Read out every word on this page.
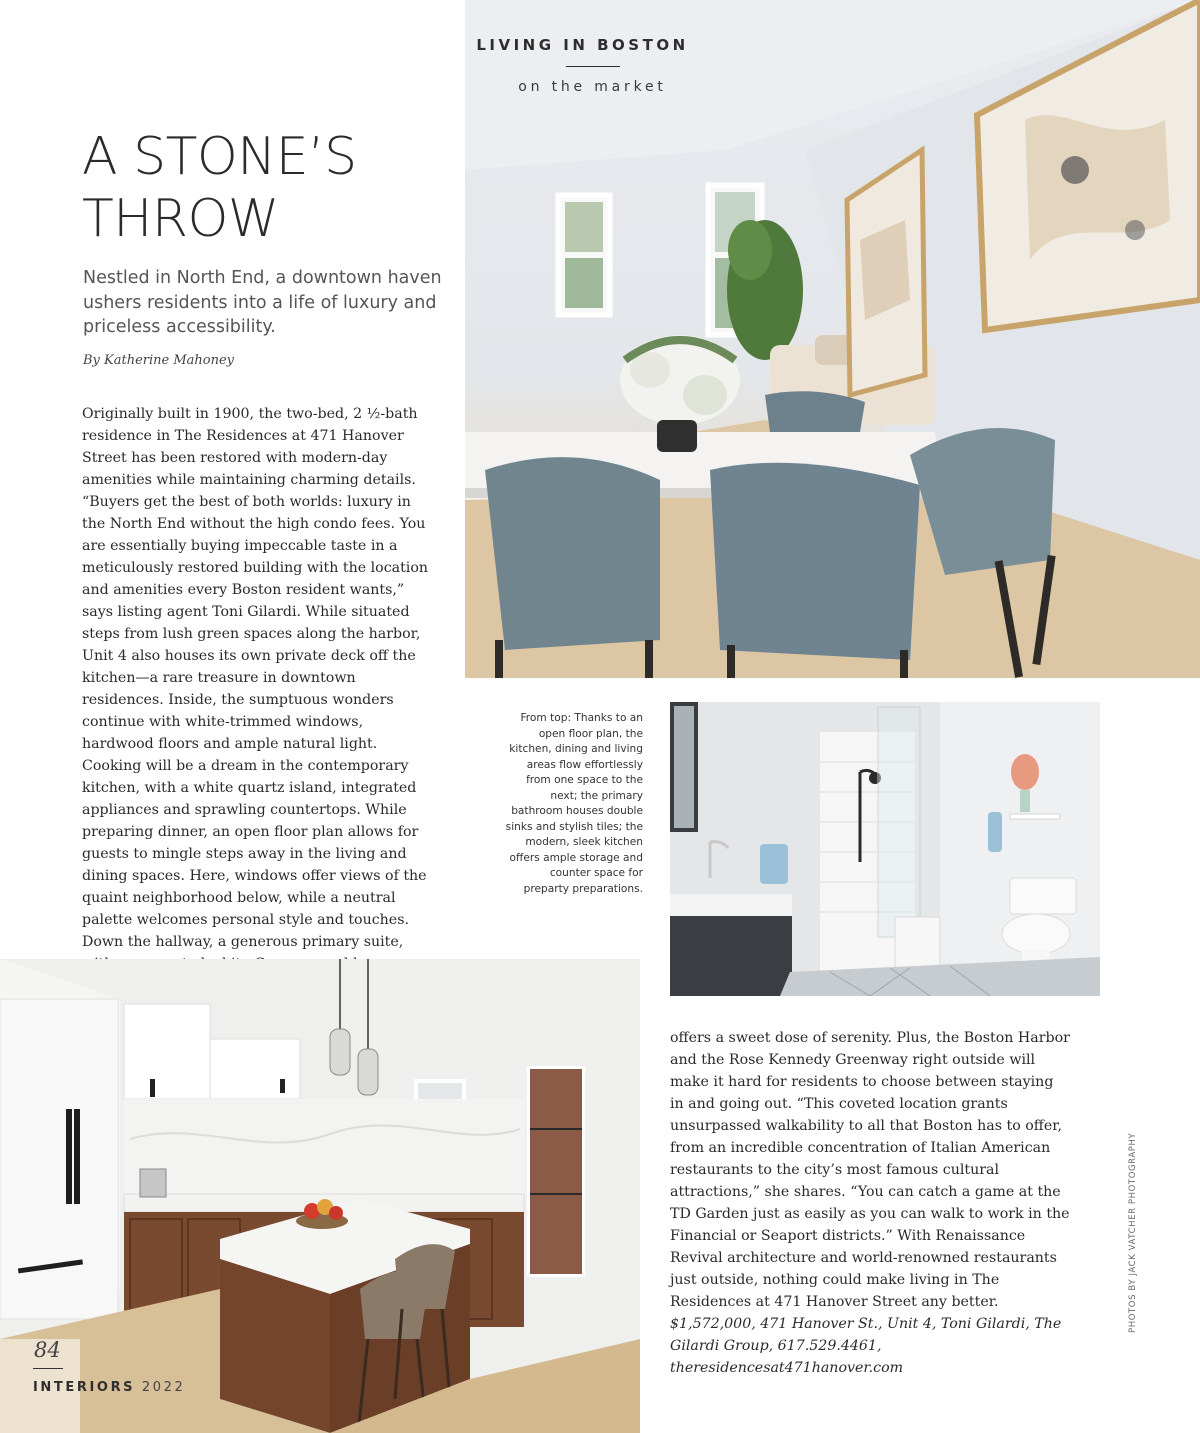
LIVING IN BOSTON
on the market
A STONE’S
THROW
Nestled in North End, a downtown haven ushers residents into a life of luxury and priceless accessibility.
By Katherine Mahoney
Originally built in 1900, the two-bed, 2 ½-bath residence in The Residences at 471 Hanover Street has been restored with modern-day amenities while maintaining charming details. “Buyers get the best of both worlds: luxury in the North End without the high condo fees. You are essentially buying impeccable taste in a meticulously restored building with the location and amenities every Boston resident wants,” says listing agent Toni Gilardi. While situated steps from lush green spaces along the harbor, Unit 4 also houses its own private deck off the kitchen—a rare treasure in downtown residences. Inside, the sumptuous wonders continue with white-trimmed windows, hardwood floors and ample natural light. Cooking will be a dream in the contemporary kitchen, with a white quartz island, integrated appliances and sprawling countertops. While preparing dinner, an open floor plan allows for guests to mingle steps away in the living and dining spaces. Here, windows offer views of the quaint neighborhood below, while a neutral palette welcomes personal style and touches. Down the hallway, a generous primary suite,
From top: Thanks to an open floor plan, the kitchen, dining and living areas flow effortlessly from one space to the next; the primary bathroom houses double sinks and stylish tiles; the modern, sleek kitchen offers ample storage and counter space for preparty preparations.
offers a sweet dose of serenity. Plus, the Boston Harbor and the Rose Kennedy Greenway right outside will make it hard for residents to choose between staying in and going out. “This coveted location grants unsurpassed walkability to all that Boston has to offer, from an incredible concentration of Italian American restaurants to the city’s most famous cultural attractions,” she shares. “You can catch a game at the TD Garden just as easily as you can walk to work in the Financial or Seaport districts.” With Renaissance Revival architecture and world-renowned restaurants just outside, nothing could make living in The Residences at 471 Hanover Street any better. $1,572,000, 471 Hanover St., Unit 4, Toni Gilardi, The Gilardi Group, 617.529.4461, theresidencesat471hanover.com
PHOTOS BY JACK VATCHER PHOTOGRAPHY
84
INTERIORS 2022
